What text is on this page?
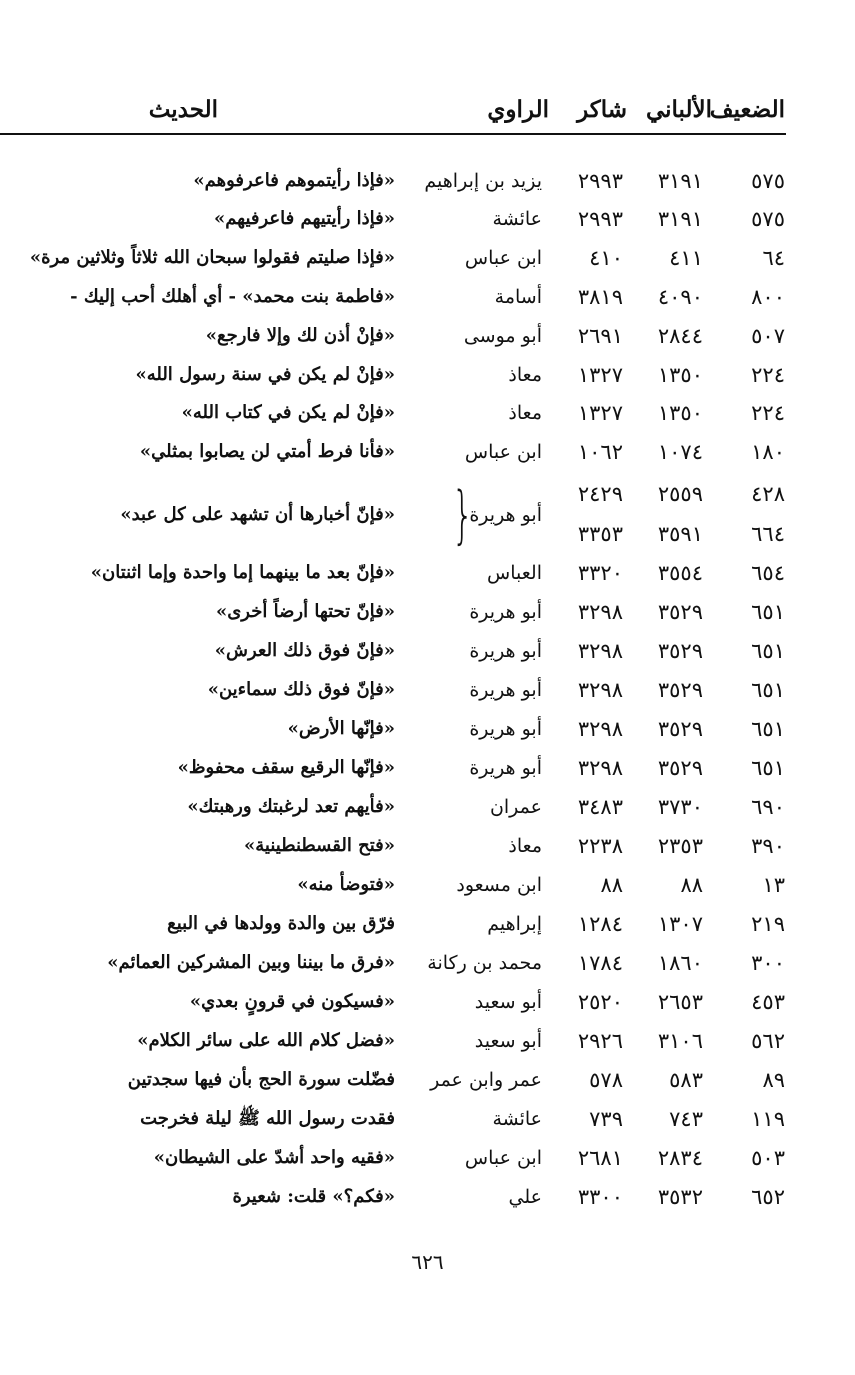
الضعيف
الألباني
شاكر
الراوي
الحديث
٥٧٥
٣١٩١
٢٩٩٣
يزيد بن إبراهيم
«فإذا رأيتموهم فاعرفوهم»
٥٧٥
٣١٩١
٢٩٩٣
عائشة
«فإذا رأيتيهم فاعرفيهم»
٦٤
٤١١
٤١٠
ابن عباس
«فإذا صليتم فقولوا سبحان الله ثلاثاً وثلاثين مرة»
٨٠٠
٤٠٩٠
٣٨١٩
أسامة
«فاطمة بنت محمد» - أي أهلك أحب إليك -
٥٠٧
٢٨٤٤
٢٦٩١
أبو موسى
«فإنْ أذن لك وإلا فارجع»
٢٢٤
١٣٥٠
١٣٢٧
معاذ
«فإنْ لم يكن في سنة رسول الله»
٢٢٤
١٣٥٠
١٣٢٧
معاذ
«فإنْ لم يكن في كتاب الله»
١٨٠
١٠٧٤
١٠٦٢
ابن عباس
«فأنا فرط أمتي لن يصابوا بمثلي»
٤٢٨
٢٥٥٩
٢٤٢٩
٦٦٤
٣٥٩١
٣٣٥٣
٦٥٤
٣٥٥٤
٣٣٢٠
العباس
«فإنّ بعد ما بينهما إما واحدة وإما اثنتان»
٦٥١
٣٥٢٩
٣٢٩٨
أبو هريرة
«فإنّ تحتها أرضاً أخرى»
٦٥١
٣٥٢٩
٣٢٩٨
أبو هريرة
«فإنّ فوق ذلك العرش»
٦٥١
٣٥٢٩
٣٢٩٨
أبو هريرة
«فإنّ فوق ذلك سماءين»
٦٥١
٣٥٢٩
٣٢٩٨
أبو هريرة
«فإنّها الأرض»
٦٥١
٣٥٢٩
٣٢٩٨
أبو هريرة
«فإنّها الرقيع سقف محفوظ»
٦٩٠
٣٧٣٠
٣٤٨٣
عمران
«فأيهم تعد لرغبتك ورهبتك»
٣٩٠
٢٣٥٣
٢٢٣٨
معاذ
«فتح القسطنطينية»
١٣
٨٨
٨٨
ابن مسعود
«فتوضأ منه»
٢١٩
١٣٠٧
١٢٨٤
إبراهيم
فرّق بين والدة وولدها في البيع
٣٠٠
١٨٦٠
١٧٨٤
محمد بن ركانة
«فرق ما بيننا وبين المشركين العمائم»
٤٥٣
٢٦٥٣
٢٥٢٠
أبو سعيد
«فسيكون في قرونٍ بعدي»
٥٦٢
٣١٠٦
٢٩٢٦
أبو سعيد
«فضل كلام الله على سائر الكلام»
٨٩
٥٨٣
٥٧٨
عمر وابن عمر
فضّلت سورة الحج بأن فيها سجدتين
١١٩
٧٤٣
٧٣٩
عائشة
فقدت رسول الله ﷺ ليلة فخرجت
٥٠٣
٢٨٣٤
٢٦٨١
ابن عباس
«فقيه واحد أشدّ على الشيطان»
٦٥٢
٣٥٣٢
٣٣٠٠
علي
«فكم؟» قلت: شعيرة
أبو هريرة
«فإنّ أخبارها أن تشهد على كل عبد» }
٦٢٦
